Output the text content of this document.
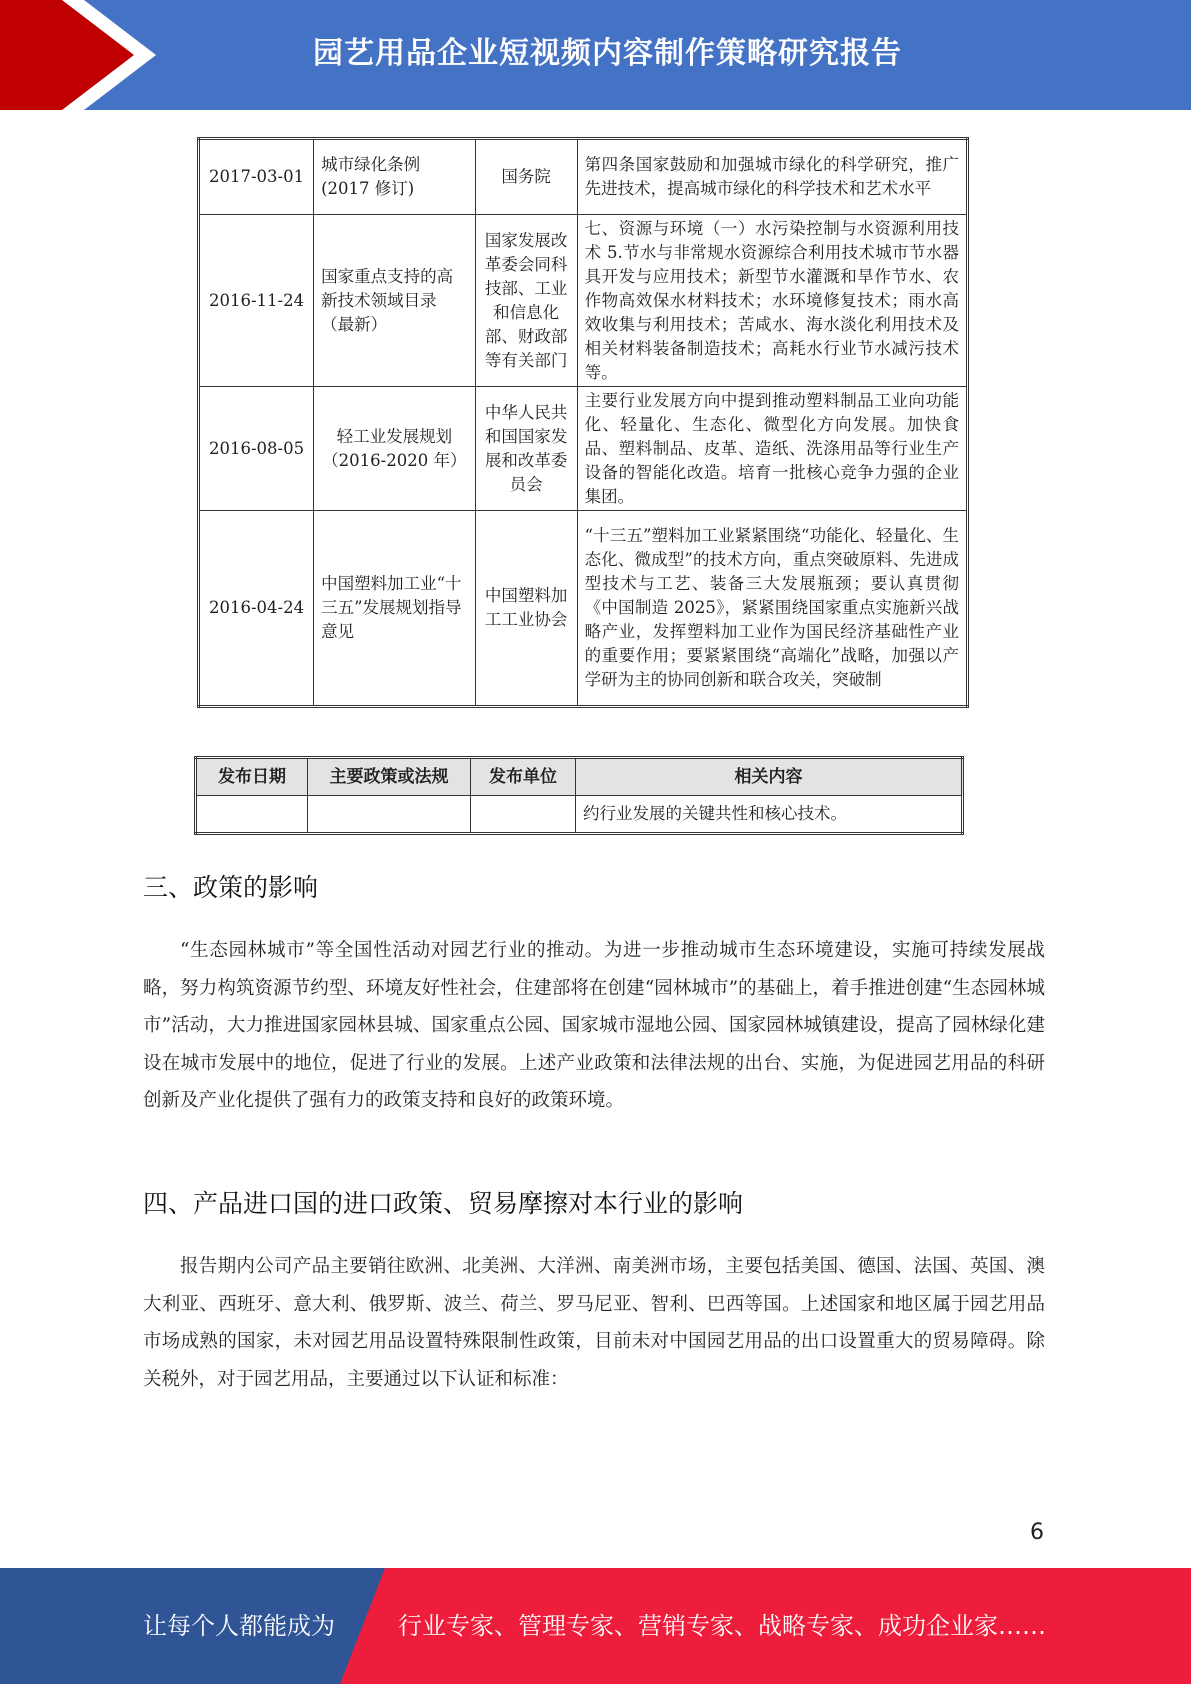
园艺用品企业短视频内容制作策略研究报告
2017-03-01	城市绿化条例(2017 修订)	国务院	第四条国家鼓励和加强城市绿化的科学研究，推广先进技术，提高城市绿化的科学技术和艺术水平
2016-11-24	国家重点支持的高新技术领域目录（最新）	国家发展改革委会同科技部、工业和信息化部、财政部等有关部门	七、资源与环境（一）水污染控制与水资源利用技术 5.节水与非常规水资源综合利用技术城市节水器具开发与应用技术；新型节水灌溉和旱作节水、农作物高效保水材料技术；水环境修复技术；雨水高效收集与利用技术；苦咸水、海水淡化利用技术及相关材料装备制造技术；高耗水行业节水减污技术等。
2016-08-05	轻工业发展规划（2016-2020 年）	中华人民共和国国家发展和改革委员会	主要行业发展方向中提到推动塑料制品工业向功能化、轻量化、生态化、微型化方向发展。加快食品、塑料制品、皮革、造纸、洗涤用品等行业生产设备的智能化改造。培育一批核心竞争力强的企业集团。
2016-04-24	中国塑料加工业“十三五”发展规划指导意见	中国塑料加工工业协会	“十三五”塑料加工业紧紧围绕“功能化、轻量化、生态化、微成型”的技术方向，重点突破原料、先进成型技术与工艺、装备三大发展瓶颈；要认真贯彻《中国制造 2025》，紧紧围绕国家重点实施新兴战略产业，发挥塑料加工业作为国民经济基础性产业的重要作用；要紧紧围绕“高端化”战略，加强以产学研为主的协同创新和联合攻关，突破制
发布日期	主要政策或法规	发布单位	相关内容
			约行业发展的关键共性和核心技术。
三、政策的影响

“生态园林城市”等全国性活动对园艺行业的推动。为进一步推动城市生态环境建设，实施可持续发展战略，努力构筑资源节约型、环境友好性社会，住建部将在创建“园林城市”的基础上，着手推进创建“生态园林城市”活动，大力推进国家园林县城、国家重点公园、国家城市湿地公园、国家园林城镇建设，提高了园林绿化建设在城市发展中的地位，促进了行业的发展。上述产业政策和法律法规的出台、实施，为促进园艺用品的科研创新及产业化提供了强有力的政策支持和良好的政策环境。

四、产品进口国的进口政策、贸易摩擦对本行业的影响

报告期内公司产品主要销往欧洲、北美洲、大洋洲、南美洲市场，主要包括美国、德国、法国、英国、澳大利亚、西班牙、意大利、俄罗斯、波兰、荷兰、罗马尼亚、智利、巴西等国。上述国家和地区属于园艺用品市场成熟的国家，未对园艺用品设置特殊限制性政策，目前未对中国园艺用品的出口设置重大的贸易障碍。除关税外，对于园艺用品，主要通过以下认证和标准：

6
让每个人都能成为	行业专家、管理专家、营销专家、战略专家、成功企业家……
